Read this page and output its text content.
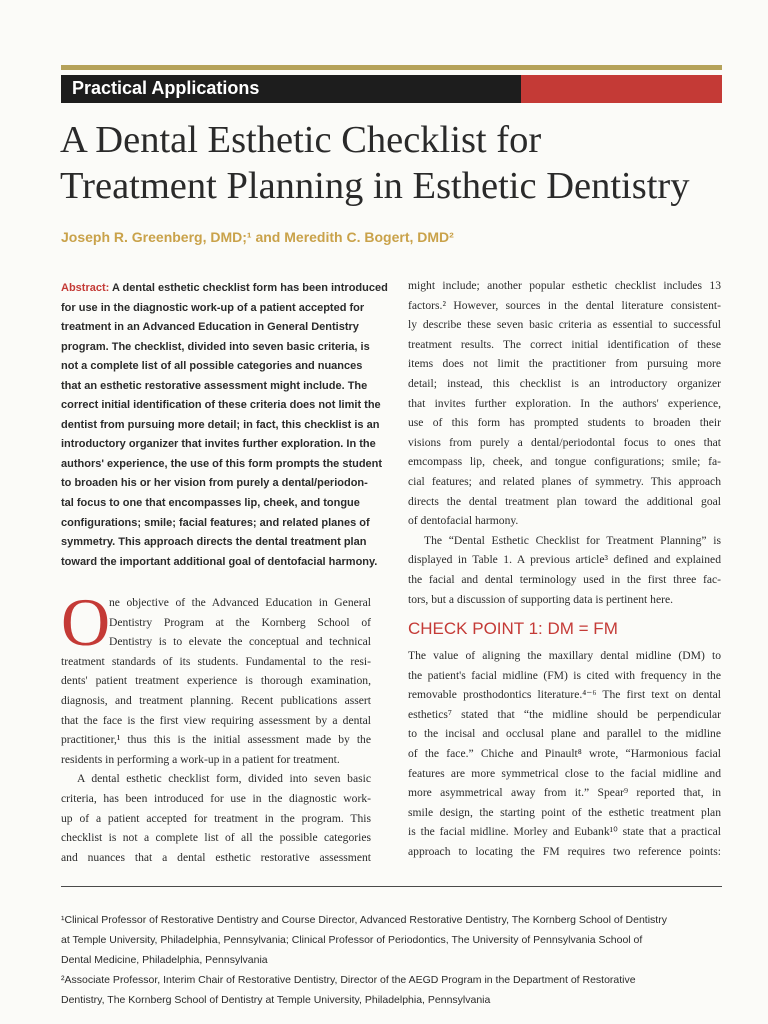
Practical Applications
A Dental Esthetic Checklist for
Treatment Planning in Esthetic Dentistry
Joseph R. Greenberg, DMD;¹ and Meredith C. Bogert, DMD²
Abstract: A dental esthetic checklist form has been introduced
for use in the diagnostic work-up of a patient accepted for
treatment in an Advanced Education in General Dentistry
program. The checklist, divided into seven basic criteria, is
not a complete list of all possible categories and nuances
that an esthetic restorative assessment might include. The
correct initial identification of these criteria does not limit the
dentist from pursuing more detail; in fact, this checklist is an
introductory organizer that invites further exploration. In the
authors' experience, the use of this form prompts the student
to broaden his or her vision from purely a dental/periodon-
tal focus to one that encompasses lip, cheek, and tongue
configurations; smile; facial features; and related planes of
symmetry. This approach directs the dental treatment plan
toward the important additional goal of dentofacial harmony.
O
ne objective of the Advanced Education in General
Dentistry Program at the Kornberg School of
Dentistry is to elevate the conceptual and technical
treatment standards of its students. Fundamental to the resi-
dents' patient treatment experience is thorough examination,
diagnosis, and treatment planning. Recent publications assert
that the face is the first view requiring assessment by a dental
practitioner,¹ thus this is the initial assessment made by the
residents in performing a work-up in a patient for treatment.
A dental esthetic checklist form, divided into seven basic
criteria, has been introduced for use in the diagnostic work-
up of a patient accepted for treatment in the program. This
checklist is not a complete list of all the possible categories
and nuances that a dental esthetic restorative assessment
might include; another popular esthetic checklist includes 13
factors.² However, sources in the dental literature consistent-
ly describe these seven basic criteria as essential to successful
treatment results. The correct initial identification of these
items does not limit the practitioner from pursuing more
detail; instead, this checklist is an introductory organizer
that invites further exploration. In the authors' experience,
use of this form has prompted students to broaden their
visions from purely a dental/periodontal focus to ones that
emcompass lip, cheek, and tongue configurations; smile; fa-
cial features; and related planes of symmetry. This approach
directs the dental treatment plan toward the additional goal
of dentofacial harmony.
The “Dental Esthetic Checklist for Treatment Planning” is
displayed in Table 1. A previous article³ defined and explained
the facial and dental terminology used in the first three fac-
tors, but a discussion of supporting data is pertinent here.
CHECK POINT 1: DM = FM
The value of aligning the maxillary dental midline (DM) to
the patient's facial midline (FM) is cited with frequency in the
removable prosthodontics literature.⁴⁻⁶ The first text on dental
esthetics⁷ stated that “the midline should be perpendicular
to the incisal and occlusal plane and parallel to the midline
of the face.” Chiche and Pinault⁸ wrote, “Harmonious facial
features are more symmetrical close to the facial midline and
more asymmetrical away from it.” Spear⁹ reported that, in
smile design, the starting point of the esthetic treatment plan
is the facial midline. Morley and Eubank¹⁰ state that a practical
approach to locating the FM requires two reference points:
¹Clinical Professor of Restorative Dentistry and Course Director, Advanced Restorative Dentistry, The Kornberg School of Dentistry
at Temple University, Philadelphia, Pennsylvania; Clinical Professor of Periodontics, The University of Pennsylvania School of
Dental Medicine, Philadelphia, Pennsylvania
²Associate Professor, Interim Chair of Restorative Dentistry, Director of the AEGD Program in the Department of Restorative
Dentistry, The Kornberg School of Dentistry at Temple University, Philadelphia, Pennsylvania
